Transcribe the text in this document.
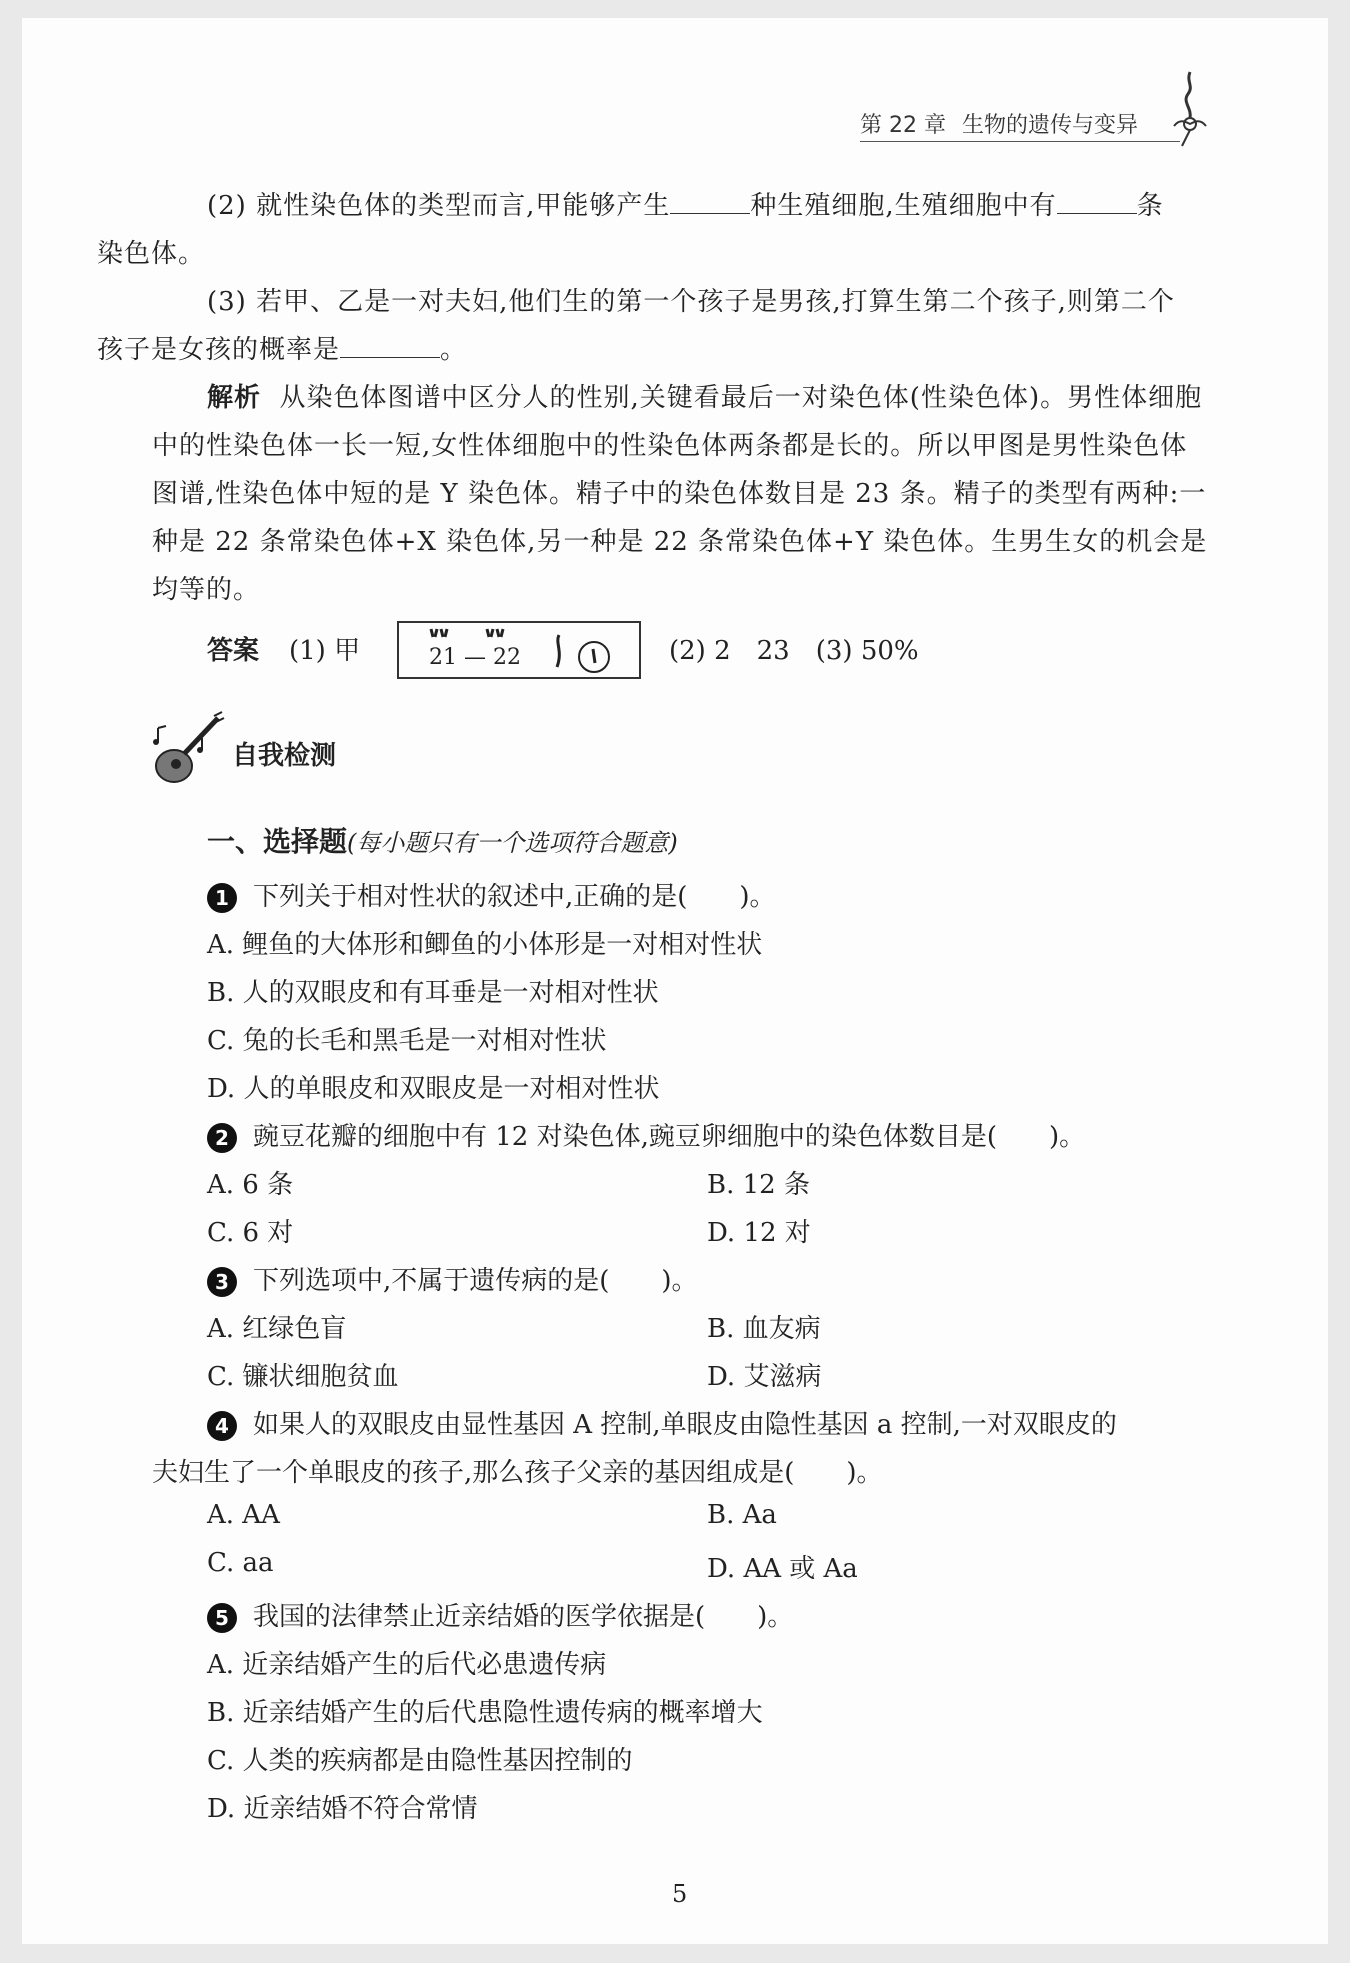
第 22 章 生物的遗传与变异
(2) 就性染色体的类型而言,甲能够产生	种生殖细胞,生殖细胞中有	条
染色体。
(3) 若甲、乙是一对夫妇,他们生的第一个孩子是男孩,打算生第二个孩子,则第二个
孩子是女孩的概率是	。
解析 从染色体图谱中区分人的性别,关键看最后一对染色体(性染色体)。男性体细胞中的性染色体一长一短,女性体细胞中的性染色体两条都是长的。所以甲图是男性染色体图谱,性染色体中短的是 Y 染色体。精子中的染色体数目是 23 条。精子的类型有两种:一种是 22 条常染色体+X 染色体,另一种是 22 条常染色体+Y 染色体。生男生女的机会是均等的。
答案 (1) 甲	(2) 2　23　(3) 50%
21 — 22
自我检测
一、选择题(每小题只有一个选项符合题意)
1 下列关于相对性状的叙述中,正确的是(　　)。
A. 鲤鱼的大体形和鲫鱼的小体形是一对相对性状
B. 人的双眼皮和有耳垂是一对相对性状
C. 兔的长毛和黑毛是一对相对性状
D. 人的单眼皮和双眼皮是一对相对性状
2 豌豆花瓣的细胞中有 12 对染色体,豌豆卵细胞中的染色体数目是(　　)。
A. 6 条	B. 12 条
C. 6 对	D. 12 对
3 下列选项中,不属于遗传病的是(　　)。
A. 红绿色盲	B. 血友病
C. 镰状细胞贫血	D. 艾滋病
4 如果人的双眼皮由显性基因 A 控制,单眼皮由隐性基因 a 控制,一对双眼皮的
夫妇生了一个单眼皮的孩子,那么孩子父亲的基因组成是(　　)。
A. AA	B. Aa
C. aa	D. AA 或 Aa
5 我国的法律禁止近亲结婚的医学依据是(　　)。
A. 近亲结婚产生的后代必患遗传病
B. 近亲结婚产生的后代患隐性遗传病的概率增大
C. 人类的疾病都是由隐性基因控制的
D. 近亲结婚不符合常情
5
